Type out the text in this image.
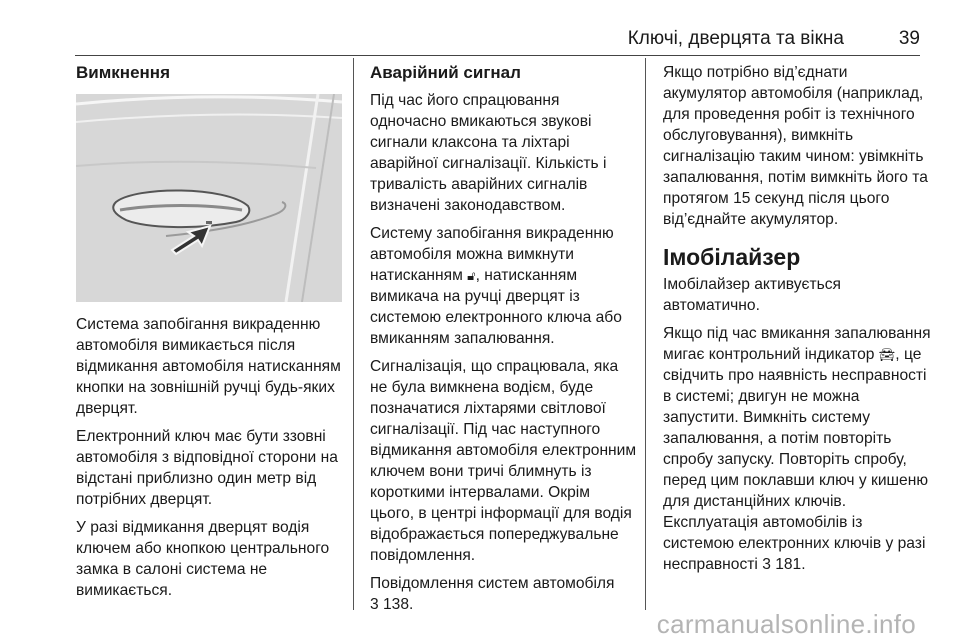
Ключі, дверцята та вікна	39
Вимкнення

Система запобігання викраденню автомобіля вимикається після відмикання автомобіля натисканням кнопки на зовнішній ручці будь-яких дверцят.

Електронний ключ має бути ззовні автомобіля з відповідної сторони на відстані приблизно один метр від потрібних дверцят.

У разі відмикання дверцят водія ключем або кнопкою центрального замка в салоні система не вимикається.

Аварійний сигнал

Під час його спрацювання одночасно вмикаються звукові сигнали клаксона та ліхтарі аварійної сигналізації. Кількість і тривалість аварійних сигналів визначені законодавством.

Систему запобігання викраденню автомобіля можна вимкнути натисканням 🔓︎, натисканням вимикача на ручці дверцят із системою електронного ключа або вмиканням запалювання.

Сигналізація, що спрацювала, яка не була вимкнена водієм, буде позначатися ліхтарями світлової сигналізації. Під час наступного відмикання автомобіля електронним ключем вони тричі блимнуть із короткими інтервалами. Окрім цього, в центрі інформації для водія відображається попереджувальне повідомлення.

Повідомлення систем автомобіля
3 138.

Якщо потрібно від’єднати акумулятор автомобіля (наприклад, для проведення робіт із технічного обслуговування), вимкніть сигналізацію таким чином: увімкніть запалювання, потім вимкніть його та протягом 15 секунд після цього від’єднайте акумулятор.

Імобілайзер

Імобілайзер активується автоматично.

Якщо під час вмикання запалювання мигає контрольний індикатор 🚘︎, це свідчить про наявність несправності в системі; двигун не можна запустити. Вимкніть систему запалювання, а потім повторіть спробу запуску. Повторіть спробу, перед цим поклавши ключ у кишеню для дистанційних ключів. Експлуатація автомобілів із системою електронних ключів у разі несправності 3 181.

carmanualsonline.info
